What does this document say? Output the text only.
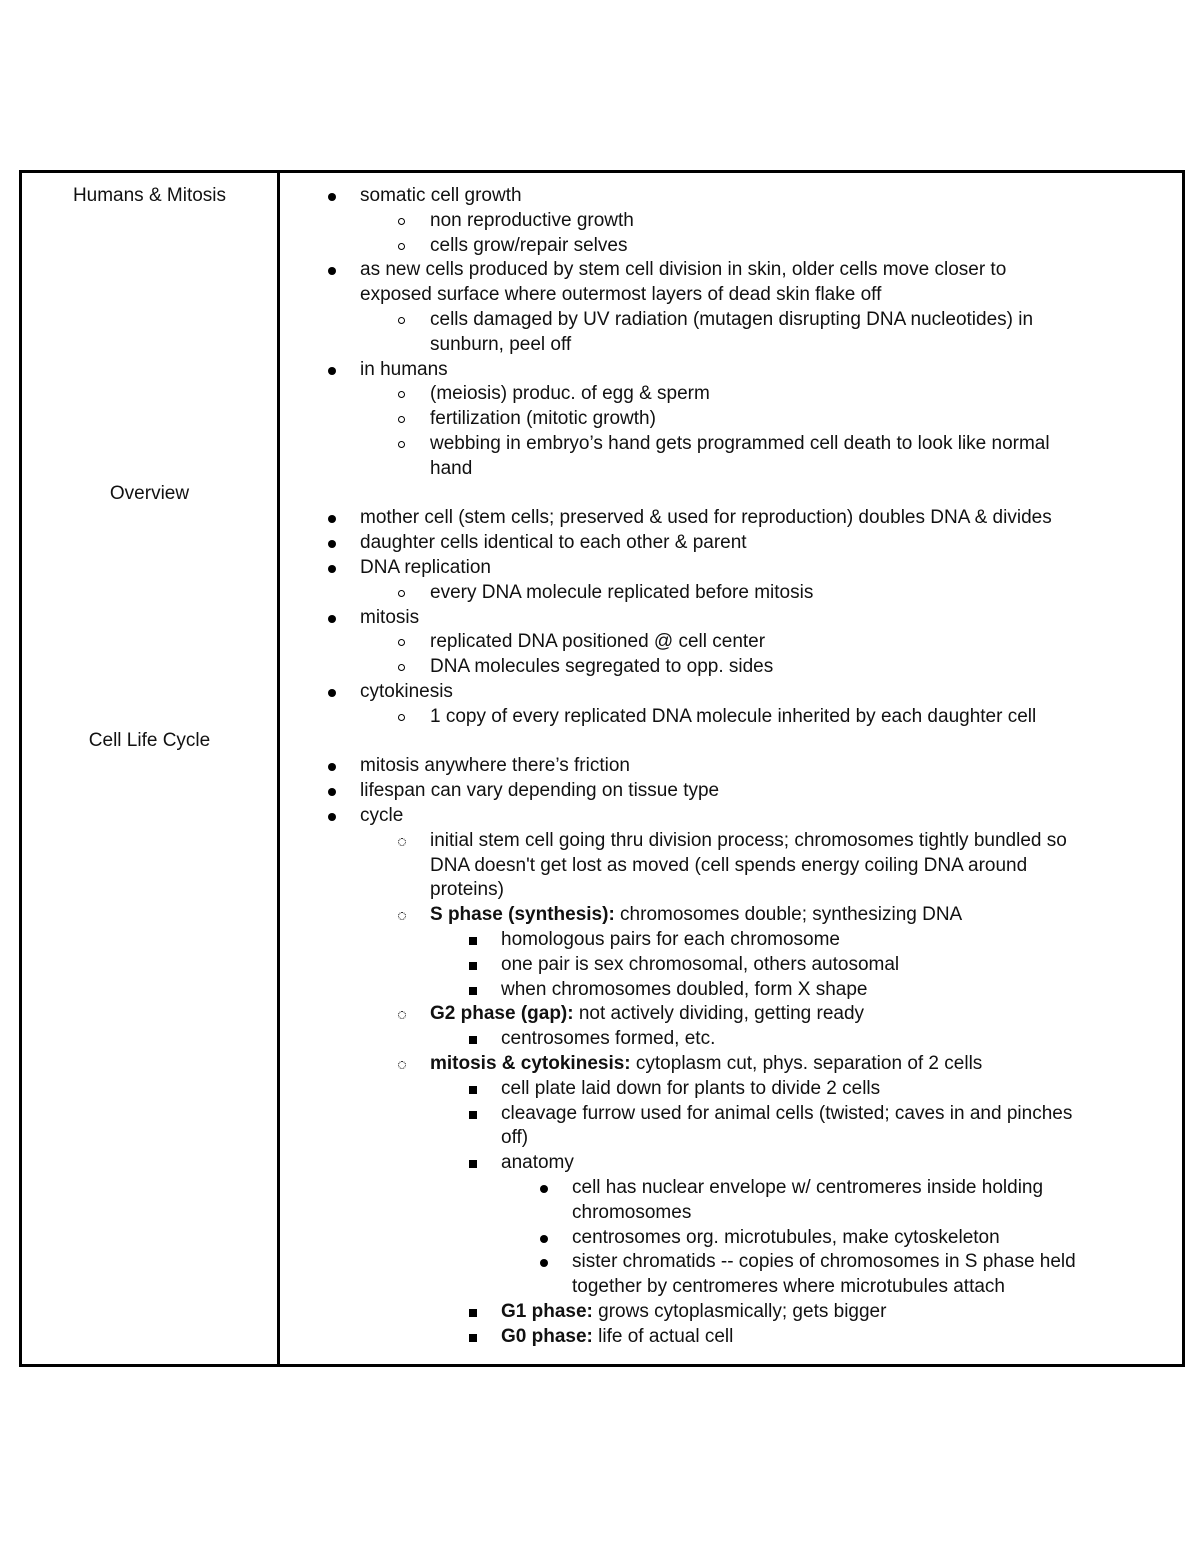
Humans & Mitosis
Overview
Cell Life Cycle
somatic cell growth
non reproductive growth
cells grow/repair selves
as new cells produced by stem cell division in skin, older cells move closer to
exposed surface where outermost layers of dead skin flake off
cells damaged by UV radiation (mutagen disrupting DNA nucleotides) in
sunburn, peel off
in humans
(meiosis) produc. of egg & sperm
fertilization (mitotic growth)
webbing in embryo’s hand gets programmed cell death to look like normal
hand
mother cell (stem cells; preserved & used for reproduction) doubles DNA & divides
daughter cells identical to each other & parent
DNA replication
every DNA molecule replicated before mitosis
mitosis
replicated DNA positioned @ cell center
DNA molecules segregated to opp. sides
cytokinesis
1 copy of every replicated DNA molecule inherited by each daughter cell
mitosis anywhere there’s friction
lifespan can vary depending on tissue type
cycle
initial stem cell going thru division process; chromosomes tightly bundled so
DNA doesn't get lost as moved (cell spends energy coiling DNA around
proteins)
S phase (synthesis): chromosomes double; synthesizing DNA
homologous pairs for each chromosome
one pair is sex chromosomal, others autosomal
when chromosomes doubled, form X shape
G2 phase (gap): not actively dividing, getting ready
centrosomes formed, etc.
mitosis & cytokinesis: cytoplasm cut, phys. separation of 2 cells
cell plate laid down for plants to divide 2 cells
cleavage furrow used for animal cells (twisted; caves in and pinches
off)
anatomy
cell has nuclear envelope w/ centromeres inside holding
chromosomes
centrosomes org. microtubules, make cytoskeleton
sister chromatids -- copies of chromosomes in S phase held
together by centromeres where microtubules attach
G1 phase: grows cytoplasmically; gets bigger
G0 phase: life of actual cell
